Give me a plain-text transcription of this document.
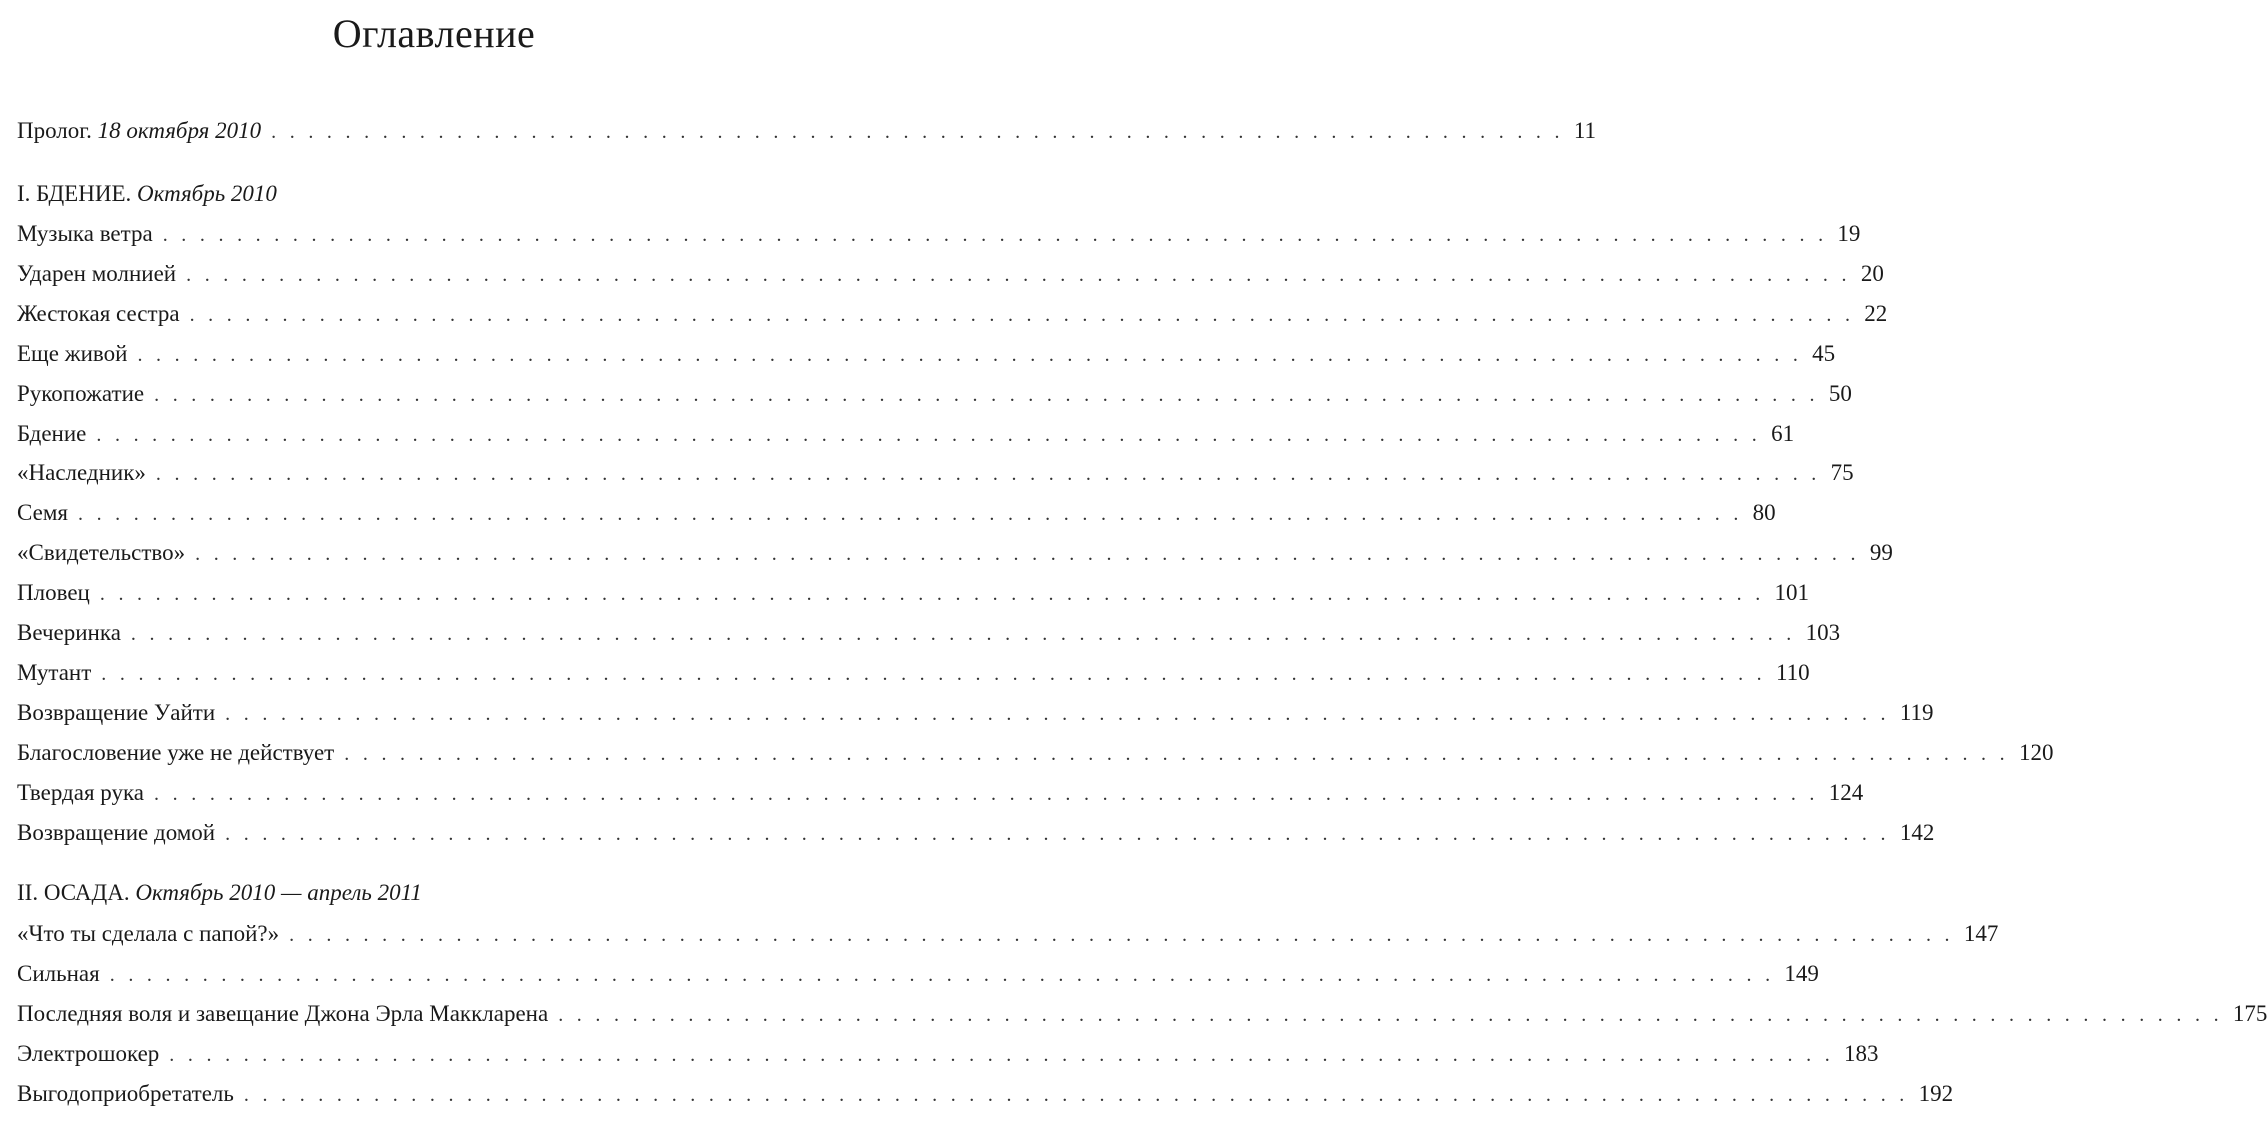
Оглавление
Пролог. 18 октября 2010 . . . . . . . . . . . . . . . . . . . . . . . . . . . . . . . . . . . . . . . . . . . . . . . . . . . . . . . . . . . . . . . . . . . . . . 11
I. БДЕНИЕ. Октябрь 2010
Музыка ветра . . . . . . . . . . . . . . . . . . . . . . . . . . . . . . . . . . . . . . . . . . . . . . . . . . . . . . . . . . . . . . . . . . . . . . . . . . . . . . . . . . . . . . . . . . 19
Ударен молнией . . . . . . . . . . . . . . . . . . . . . . . . . . . . . . . . . . . . . . . . . . . . . . . . . . . . . . . . . . . . . . . . . . . . . . . . . . . . . . . . . . . . . . . . . . 20
Жестокая сестра . . . . . . . . . . . . . . . . . . . . . . . . . . . . . . . . . . . . . . . . . . . . . . . . . . . . . . . . . . . . . . . . . . . . . . . . . . . . . . . . . . . . . . . . . . 22
Еще живой . . . . . . . . . . . . . . . . . . . . . . . . . . . . . . . . . . . . . . . . . . . . . . . . . . . . . . . . . . . . . . . . . . . . . . . . . . . . . . . . . . . . . . . . . . 45
Рукопожатие . . . . . . . . . . . . . . . . . . . . . . . . . . . . . . . . . . . . . . . . . . . . . . . . . . . . . . . . . . . . . . . . . . . . . . . . . . . . . . . . . . . . . . . . . . 50
Бдение . . . . . . . . . . . . . . . . . . . . . . . . . . . . . . . . . . . . . . . . . . . . . . . . . . . . . . . . . . . . . . . . . . . . . . . . . . . . . . . . . . . . . . . . . . 61
«Наследник» . . . . . . . . . . . . . . . . . . . . . . . . . . . . . . . . . . . . . . . . . . . . . . . . . . . . . . . . . . . . . . . . . . . . . . . . . . . . . . . . . . . . . . . . . . 75
Семя . . . . . . . . . . . . . . . . . . . . . . . . . . . . . . . . . . . . . . . . . . . . . . . . . . . . . . . . . . . . . . . . . . . . . . . . . . . . . . . . . . . . . . . . . . 80
«Свидетельство» . . . . . . . . . . . . . . . . . . . . . . . . . . . . . . . . . . . . . . . . . . . . . . . . . . . . . . . . . . . . . . . . . . . . . . . . . . . . . . . . . . . . . . . . . . 99
Пловец . . . . . . . . . . . . . . . . . . . . . . . . . . . . . . . . . . . . . . . . . . . . . . . . . . . . . . . . . . . . . . . . . . . . . . . . . . . . . . . . . . . . . . . . . . 101
Вечеринка . . . . . . . . . . . . . . . . . . . . . . . . . . . . . . . . . . . . . . . . . . . . . . . . . . . . . . . . . . . . . . . . . . . . . . . . . . . . . . . . . . . . . . . . . . 103
Мутант . . . . . . . . . . . . . . . . . . . . . . . . . . . . . . . . . . . . . . . . . . . . . . . . . . . . . . . . . . . . . . . . . . . . . . . . . . . . . . . . . . . . . . . . . . 110
Возвращение Уайти . . . . . . . . . . . . . . . . . . . . . . . . . . . . . . . . . . . . . . . . . . . . . . . . . . . . . . . . . . . . . . . . . . . . . . . . . . . . . . . . . . . . . . . . . . 119
Благословение уже не действует . . . . . . . . . . . . . . . . . . . . . . . . . . . . . . . . . . . . . . . . . . . . . . . . . . . . . . . . . . . . . . . . . . . . . . . . . . . . . . . . . . . . . . . . . . 120
Твердая рука . . . . . . . . . . . . . . . . . . . . . . . . . . . . . . . . . . . . . . . . . . . . . . . . . . . . . . . . . . . . . . . . . . . . . . . . . . . . . . . . . . . . . . . . . . 124
Возвращение домой . . . . . . . . . . . . . . . . . . . . . . . . . . . . . . . . . . . . . . . . . . . . . . . . . . . . . . . . . . . . . . . . . . . . . . . . . . . . . . . . . . . . . . . . . . 142
II. ОСАДА. Октябрь 2010 — апрель 2011
«Что ты сделала с папой?» . . . . . . . . . . . . . . . . . . . . . . . . . . . . . . . . . . . . . . . . . . . . . . . . . . . . . . . . . . . . . . . . . . . . . . . . . . . . . . . . . . . . . . . . . . 147
Сильная . . . . . . . . . . . . . . . . . . . . . . . . . . . . . . . . . . . . . . . . . . . . . . . . . . . . . . . . . . . . . . . . . . . . . . . . . . . . . . . . . . . . . . . . . . 149
Последняя воля и завещание Джона Эрла Маккларена . . . . . . . . . . . . . . . . . . . . . . . . . . . . . . . . . . . . . . . . . . . . . . . . . . . . . . . . . . . . . . . . . . . . . . . . . . . . . . . . . . . . . . . . . . 175
Электрошокер . . . . . . . . . . . . . . . . . . . . . . . . . . . . . . . . . . . . . . . . . . . . . . . . . . . . . . . . . . . . . . . . . . . . . . . . . . . . . . . . . . . . . . . . . . 183
Выгодоприобретатель . . . . . . . . . . . . . . . . . . . . . . . . . . . . . . . . . . . . . . . . . . . . . . . . . . . . . . . . . . . . . . . . . . . . . . . . . . . . . . . . . . . . . . . . . . 192
